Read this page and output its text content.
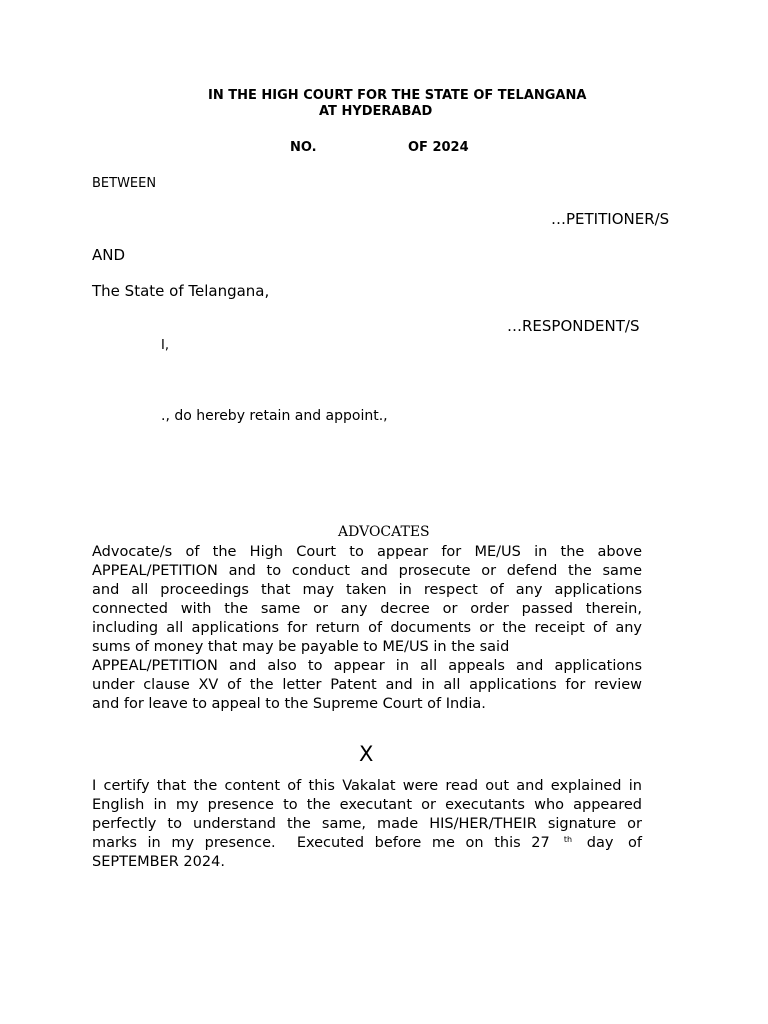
IN THE HIGH COURT FOR THE STATE OF TELANGANA
AT HYDERABAD
NO.	OF 2024
BETWEEN
…PETITIONER/S
AND
The State of Telangana,
…RESPONDENT/S
I,
., do hereby retain and appoint.,
ADVOCATES
Advocate/s of the High Court to appear for ME/US in the above
APPEAL/PETITION and to conduct and prosecute or defend the same
and all proceedings that may taken in respect of any applications
connected with the same or any decree or order passed therein,
including all applications for return of documents or the receipt of any
sums of money that may be payable to ME/US in the said
APPEAL/PETITION and also to appear in all appeals and applications
under clause XV of the letter Patent and in all applications for review
and for leave to appeal to the Supreme Court of India.
X
I certify that the content of this Vakalat were read out and explained in
English in my presence to the executant or executants who appeared
perfectly to understand the same, made HIS/HER/THEIR signature or
marks in my presence.  Executed before me on this 27 $^{th}$ day of
SEPTEMBER 2024.
